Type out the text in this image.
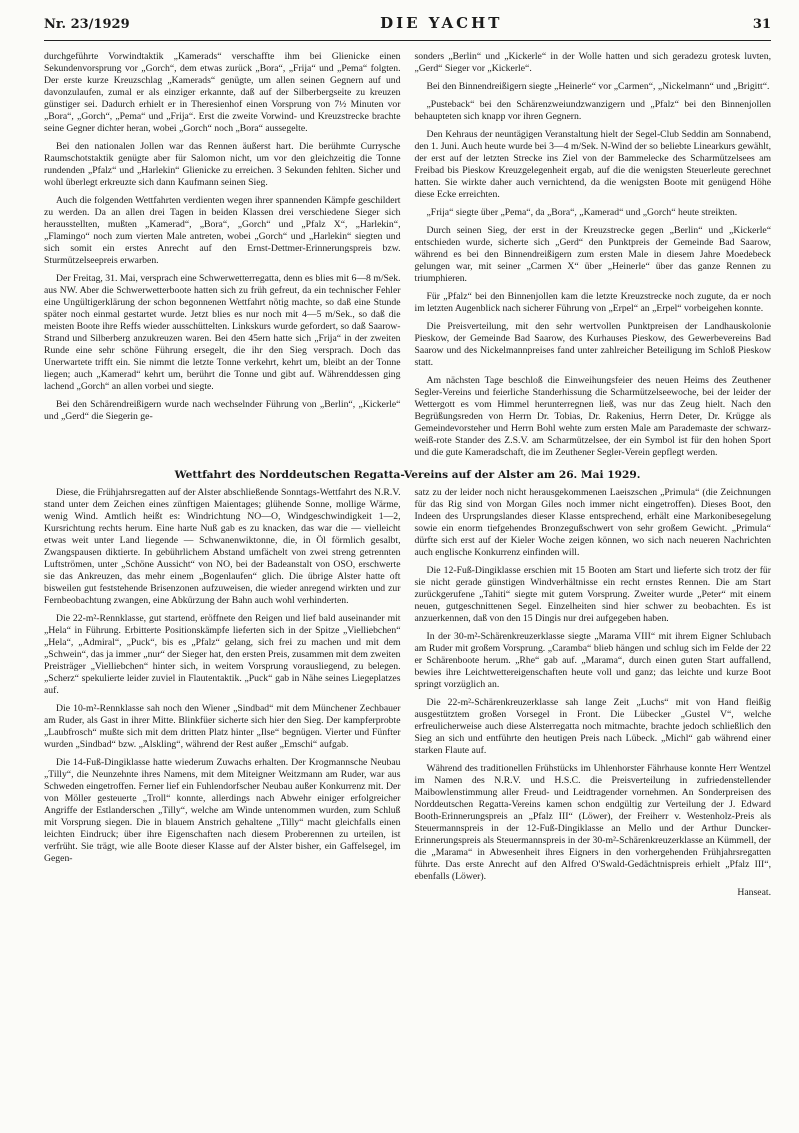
Nr. 23/1929	DIE YACHT	31

durchgeführte Vorwindtaktik „Kamerads“ verschaffte ihm bei Glienicke einen Sekundenvorsprung vor „Gorch“, dem etwas zurück „Bora“, „Frija“ und „Pema“ folgten. Der erste kurze Kreuzschlag „Kamerads“ genügte, um allen seinen Gegnern auf und davonzulaufen, zumal er als einziger erkannte, daß auf der Silberbergseite zu kreuzen günstiger sei. Dadurch erhielt er in Theresienhof einen Vorsprung von 7½ Minuten vor „Bora“, „Gorch“, „Pema“ und „Frija“. Erst die zweite Vorwind- und Kreuzstrecke brachte seine Gegner dichter heran, wobei „Gorch“ noch „Bora“ aussegelte.

Bei den nationalen Jollen war das Rennen äußerst hart. Die berühmte Currysche Raumschotstaktik genügte aber für Salomon nicht, um vor den gleichzeitig die Tonne rundenden „Pfalz“ und „Harlekin“ Glienicke zu erreichen. 3 Sekunden fehlten. Sicher und wohl überlegt erkreuzte sich dann Kaufmann seinen Sieg.

Auch die folgenden Wettfahrten verdienten wegen ihrer spannenden Kämpfe geschildert zu werden. Da an allen drei Tagen in beiden Klassen drei verschiedene Sieger sich herausstellten, mußten „Kamerad“, „Bora“, „Gorch“ und „Pfalz X“, „Harlekin“, „Flamingo“ noch zum vierten Male antreten, wobei „Gorch“ und „Harlekin“ siegten und sich somit ein erstes Anrecht auf den Ernst-Dettmer-Erinnerungspreis bzw. Sturmützelseepreis erwarben.

Der Freitag, 31. Mai, versprach eine Schwerwetterregatta, denn es blies mit 6—8 m/Sek. aus NW. Aber die Schwerwetterboote hatten sich zu früh gefreut, da ein technischer Fehler eine Ungültigerklärung der schon begonnenen Wettfahrt nötig machte, so daß eine Stunde später noch einmal gestartet wurde. Jetzt blies es nur noch mit 4—5 m/Sek., so daß die meisten Boote ihre Reffs wieder ausschüttelten. Linkskurs wurde gefordert, so daß Saarow-Strand und Silberberg anzukreuzen waren. Bei den 45ern hatte sich „Frija“ in der zweiten Runde eine sehr schöne Führung ersegelt, die ihr den Sieg versprach. Doch das Unerwartete trifft ein. Sie nimmt die letzte Tonne verkehrt, kehrt um, bleibt an der Tonne liegen; auch „Kamerad“ kehrt um, berührt die Tonne und gibt auf. Währenddessen ging lachend „Gorch“ an allen vorbei und siegte.

Bei den Schärendreißigern wurde nach wechselnder Führung von „Berlin“, „Kickerle“ und „Gerd“ die Siegerin ge-

sonders „Berlin“ und „Kickerle“ in der Wolle hatten und sich geradezu grotesk luvten, „Gerd“ Sieger vor „Kickerle“.

Bei den Binnendreißigern siegte „Heinerle“ vor „Carmen“, „Nickelmann“ und „Brigitt“.

„Pusteback“ bei den Schärenzweiundzwanzigern und „Pfalz“ bei den Binnenjollen behaupteten sich knapp vor ihren Gegnern.

Den Kehraus der neuntägigen Veranstaltung hielt der Segel-Club Seddin am Sonnabend, den 1. Juni. Auch heute wurde bei 3—4 m/Sek. N-Wind der so beliebte Linearkurs gewählt, der erst auf der letzten Strecke ins Ziel von der Bammelecke des Scharmützelsees am Freibad bis Pieskow Kreuzgelegenheit ergab, auf die die wenigsten Steuerleute gerechnet hatten. Sie wirkte daher auch vernichtend, da die wenigsten Boote mit genügend Höhe diese Ecke erreichten.

„Frija“ siegte über „Pema“, da „Bora“, „Kamerad“ und „Gorch“ heute streikten.

Durch seinen Sieg, der erst in der Kreuzstrecke gegen „Berlin“ und „Kickerle“ entschieden wurde, sicherte sich „Gerd“ den Punktpreis der Gemeinde Bad Saarow, während es bei den Binnendreißigern zum ersten Male in diesem Jahre Moedebeck gelungen war, mit seiner „Carmen X“ über „Heinerle“ über das ganze Rennen zu triumphieren.

Für „Pfalz“ bei den Binnenjollen kam die letzte Kreuzstrecke noch zugute, da er noch im letzten Augenblick nach sicherer Führung von „Erpel“ an „Erpel“ vorbeigehen konnte.

Die Preisverteilung, mit den sehr wertvollen Punktpreisen der Landhauskolonie Pieskow, der Gemeinde Bad Saarow, des Kurhauses Pieskow, des Gewerbevereins Bad Saarow und des Nickelmannpreises fand unter zahlreicher Beteiligung im Schloß Pieskow statt.

Am nächsten Tage beschloß die Einweihungsfeier des neuen Heims des Zeuthener Segler-Vereins und feierliche Standerhissung die Scharmützelseewoche, bei der leider der Wettergott es vom Himmel herunterregnen ließ, was nur das Zeug hielt. Nach den Begrüßungsreden von Herrn Dr. Tobias, Dr. Rakenius, Herrn Deter, Dr. Krügge als Gemeindevorsteher und Herrn Bohl wehte zum ersten Male am Parademaste der schwarz-weiß-rote Stander des Z.S.V. am Scharmützelsee, der ein Symbol ist für den hohen Sport und die gute Kameradschaft, die im Zeuthener Segler-Verein gepflegt werden.

Wettfahrt des Norddeutschen Regatta-Vereins auf der Alster am 26. Mai 1929.

Diese, die Frühjahrsregatten auf der Alster abschließende Sonntags-Wettfahrt des N.R.V. stand unter dem Zeichen eines zünftigen Maientages; glühende Sonne, mollige Wärme, wenig Wind. Amtlich heißt es: Windrichtung NO—O, Windgeschwindigkeit 1—2, Kursrichtung rechts herum. Eine harte Nuß gab es zu knacken, das war die — vielleicht etwas weit unter Land liegende — Schwanenwiktonne, die, in Öl förmlich gesalbt, Zwangspausen diktierte. In gebührlichem Abstand umfächelt von zwei streng getrennten Luftströmen, unter „Schöne Aussicht“ von NO, bei der Badeanstalt von OSO, erschwerte sie das Ankreuzen, das mehr einem „Bogenlaufen“ glich. Die übrige Alster hatte oft bisweilen gut feststehende Brisenzonen aufzuweisen, die wieder anregend wirkten und zur Fernbeobachtung zwangen, eine Abkürzung der Bahn auch wohl verhinderten.

Die 22-m²-Rennklasse, gut startend, eröffnete den Reigen und lief bald auseinander mit „Hela“ in Führung. Erbitterte Positionskämpfe lieferten sich in der Spitze „Vielliebchen“ „Hela“, „Admiral“, „Puck“, bis es „Pfalz“ gelang, sich frei zu machen und mit dem „Schwein“, das ja immer „nur“ der Sieger hat, den ersten Preis, zusammen mit dem zweiten Preisträger „Vielliebchen“ hinter sich, in weitem Vorsprung vorausliegend, zu belegen. „Scherz“ spekulierte leider zuviel in Flautentaktik. „Puck“ gab in Nähe seines Liegeplatzes auf.

Die 10-m²-Rennklasse sah noch den Wiener „Sindbad“ mit dem Münchener Zechbauer am Ruder, als Gast in ihrer Mitte. Blinkfüer sicherte sich hier den Sieg. Der kampferprobte „Laubfrosch“ mußte sich mit dem dritten Platz hinter „Ilse“ begnügen. Vierter und Fünfter wurden „Sindbad“ bzw. „Alskling“, während der Rest außer „Emschi“ aufgab.

Die 14-Fuß-Dingiklasse hatte wiederum Zuwachs erhalten. Der Krogmannsche Neubau „Tilly“, die Neunzehnte ihres Namens, mit dem Miteigner Weitzmann am Ruder, war aus Schweden eingetroffen. Ferner lief ein Fuhlendorfscher Neubau außer Konkurrenz mit. Der von Möller gesteuerte „Troll“ konnte, allerdings nach Abwehr einiger erfolgreicher Angriffe der Estlanderschen „Tilly“, welche am Winde untenommen wurden, zum Schluß mit Vorsprung siegen. Die in blauem Anstrich gehaltene „Tilly“ macht gleichfalls einen leichten Eindruck; über ihre Eigenschaften nach diesem Proberennen zu urteilen, ist verfrüht. Sie trägt, wie alle Boote dieser Klasse auf der Alster bisher, ein Gaffelsegel, im Gegen-

satz zu der leider noch nicht herausgekommenen Laeiszschen „Primula“ (die Zeichnungen für das Rig sind von Morgan Giles noch immer nicht eingetroffen). Dieses Boot, den Indeen des Ursprungslandes dieser Klasse entsprechend, erhält eine Markonibesegelung sowie ein enorm tiefgehendes Bronzegußschwert von sehr großem Gewicht. „Primula“ dürfte sich erst auf der Kieler Woche zeigen können, wo sich nach neueren Nachrichten auch englische Konkurrenz einfinden will.

Die 12-Fuß-Dingiklasse erschien mit 15 Booten am Start und lieferte sich trotz der für sie nicht gerade günstigen Windverhältnisse ein recht ernstes Rennen. Die am Start zurückgerufene „Tahiti“ siegte mit gutem Vorsprung. Zweiter wurde „Peter“ mit einem neuen, gutgeschnittenen Segel. Einzelheiten sind hier schwer zu beobachten. Es ist anzuerkennen, daß von den 15 Dingis nur drei aufgegeben haben.

In der 30-m²-Schärenkreuzerklasse siegte „Marama VIII“ mit ihrem Eigner Schlubach am Ruder mit großem Vorsprung. „Caramba“ blieb hängen und schlug sich im Felde der 22 er Schärenboote herum. „Rhe“ gab auf. „Marama“, durch einen guten Start auffallend, bewies ihre Leichtwettereigenschaften heute voll und ganz; das leichte und kurze Boot springt vorzüglich an.

Die 22-m²-Schärenkreuzerklasse sah lange Zeit „Luchs“ mit von Hand fleißig ausgestütztem großen Vorsegel in Front. Die Lübecker „Gustel V“, welche erfreulicherweise auch diese Alsterregatta noch mitmachte, brachte jedoch schließlich den Sieg an sich und entführte den heutigen Preis nach Lübeck. „Michl“ gab während einer starken Flaute auf.

Während des traditionellen Frühstücks im Uhlenhorster Fährhause konnte Herr Wentzel im Namen des N.R.V. und H.S.C. die Preisverteilung in zufriedenstellender Maibowlenstimmung aller Freud- und Leidtragender vornehmen. An Sonderpreisen des Norddeutschen Regatta-Vereins kamen schon endgültig zur Verteilung der J. Edward Booth-Erinnerungspreis an „Pfalz III“ (Löwer), der Freiherr v. Westenholz-Preis als Steuermannspreis in der 12-Fuß-Dingiklasse an Mello und der Arthur Duncker-Erinnerungspreis als Steuermannspreis in der 30-m²-Schärenkreuzerklasse an Kümmell, der die „Marama“ in Abwesenheit ihres Eigners in den vorhergehenden Frühjahrsregatten führte. Das erste Anrecht auf den Alfred O'Swald-Gedächtnispreis erhielt „Pfalz III“, ebenfalls (Löwer).

Hanseat.
